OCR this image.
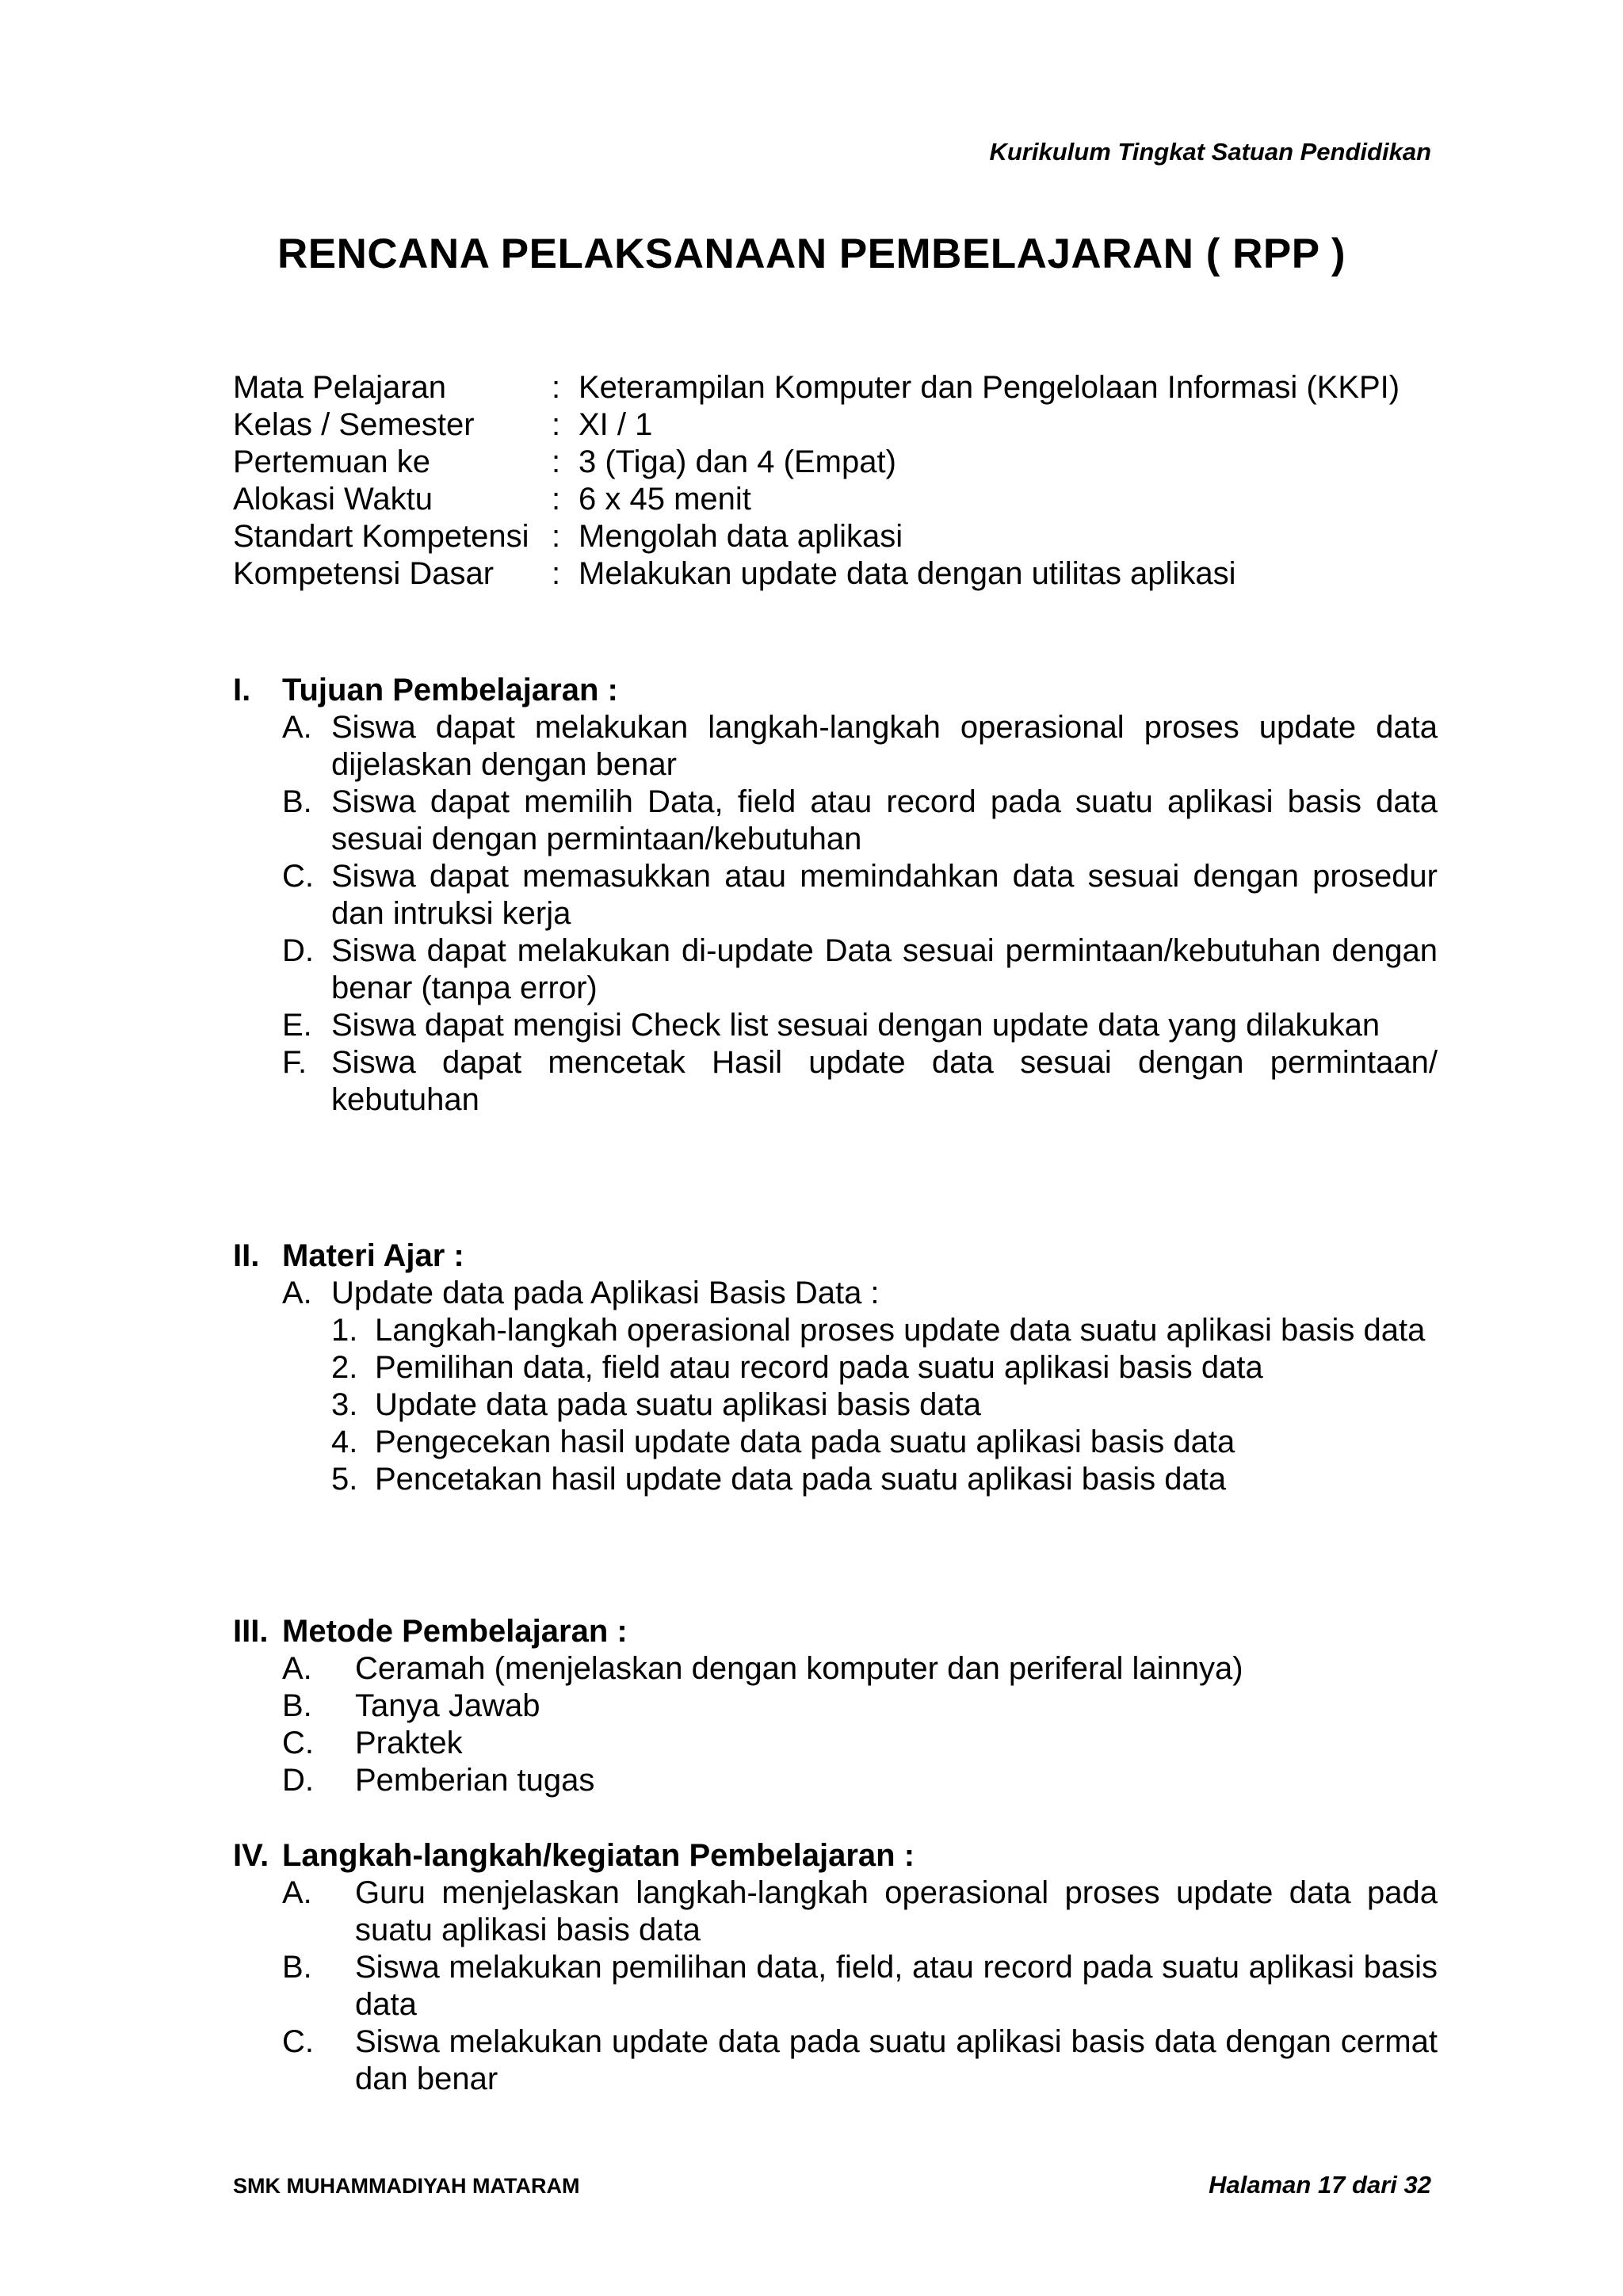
Kurikulum Tingkat Satuan Pendidikan
RENCANA PELAKSANAAN PEMBELAJARAN ( RPP )
Mata Pelajaran	: Keterampilan Komputer dan Pengelolaan Informasi (KKPI)
Kelas / Semester	: XI / 1
Pertemuan ke	: 3 (Tiga) dan 4 (Empat)
Alokasi Waktu	: 6 x 45 menit
Standart Kompetensi : Mengolah data aplikasi
Kompetensi Dasar	: Melakukan update data dengan utilitas aplikasi
I. Tujuan Pembelajaran :
A. Siswa dapat melakukan langkah-langkah operasional proses update data dijelaskan dengan benar
B. Siswa dapat memilih Data, field atau record pada suatu aplikasi basis data sesuai dengan permintaan/kebutuhan
C. Siswa dapat memasukkan atau memindahkan data sesuai dengan prosedur dan intruksi kerja
D. Siswa dapat melakukan di-update Data sesuai permintaan/kebutuhan dengan benar (tanpa error)
E. Siswa dapat mengisi Check list sesuai dengan update data yang dilakukan
F. Siswa dapat mencetak Hasil update data sesuai dengan permintaan/ kebutuhan
II. Materi Ajar :
A. Update data pada Aplikasi Basis Data :
1. Langkah-langkah operasional proses update data suatu aplikasi basis data
2. Pemilihan data, field atau record pada suatu aplikasi basis data
3. Update data pada suatu aplikasi basis data
4. Pengecekan hasil update data pada suatu aplikasi basis data
5. Pencetakan hasil update data pada suatu aplikasi basis data
III. Metode Pembelajaran :
A.	Ceramah (menjelaskan dengan komputer dan periferal lainnya)
B.	Tanya Jawab
C.	Praktek
D.	Pemberian tugas
IV. Langkah-langkah/kegiatan Pembelajaran :
A.	Guru menjelaskan langkah-langkah operasional proses update data pada suatu aplikasi basis data
B.	Siswa melakukan pemilihan data, field, atau record pada suatu aplikasi basis data
C.	Siswa melakukan update data pada suatu aplikasi basis data dengan cermat dan benar
SMK MUHAMMADIYAH MATARAM	Halaman 17 dari 32
